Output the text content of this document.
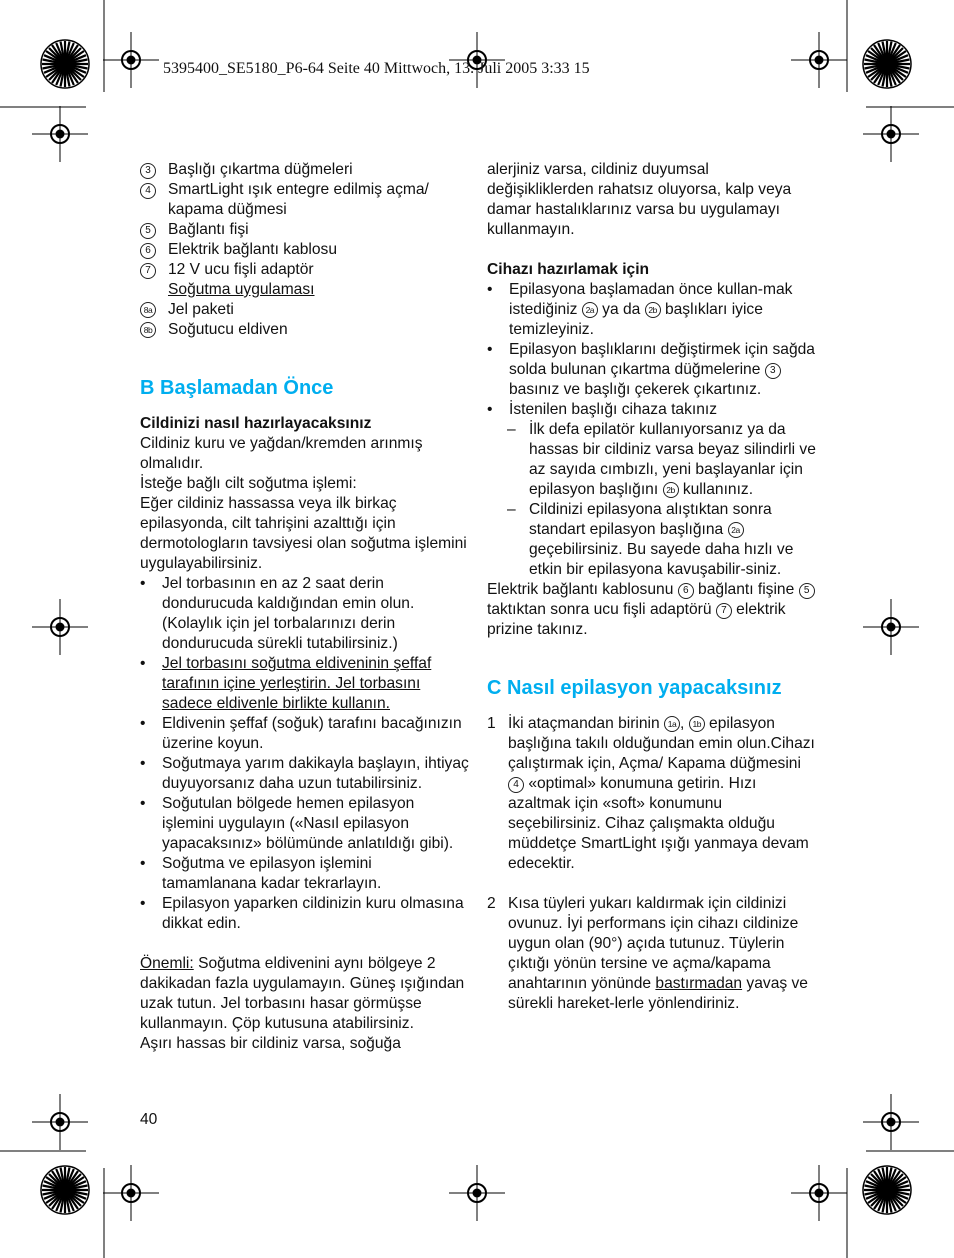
5395400_SE5180_P6-64 Seite 40 Mittwoch, 13. Juli 2005 3:33 15
3	Başlığı çıkartma düğmeleri
4	SmartLight ışık entegre edilmiş açma/ kapama düğmesi
5	Bağlantı fişi
6	Elektrik bağlantı kablosu
7	12 V ucu fişli adaptör
Soğutma uygulaması
8a	Jel paketi
8b	Soğutucu eldiven
B Başlamadan Önce
Cildinizi nasıl hazırlayacaksınız
Cildiniz kuru ve yağdan/kremden arınmış olmalıdır.
İsteğe bağlı cilt soğutma işlemi:
Eğer cildiniz hassassa veya ilk birkaç epilasyonda, cilt tahrişini azalttığı için dermotologların tavsiyesi olan soğutma işlemini uygulayabilirsiniz.
•	Jel torbasının en az 2 saat derin dondurucuda kaldığından emin olun. (Kolaylık için jel torbalarınızı derin dondurucuda sürekli tutabilirsiniz.)
•	Jel torbasını soğutma eldiveninin şeffaf tarafının içine yerleştirin. Jel torbasını sadece eldivenle birlikte kullanın.
•	Eldivenin şeffaf (soğuk) tarafını bacağınızın üzerine koyun.
•	Soğutmaya yarım dakikayla başlayın, ihtiyaç duyuyorsanız daha uzun tutabilirsiniz.
•	Soğutulan bölgede hemen epilasyon işlemini uygulayın («Nasıl epilasyon yapacaksınız» bölümünde anlatıldığı gibi).
•	Soğutma ve epilasyon işlemini tamamlanana kadar tekrarlayın.
•	Epilasyon yaparken cildinizin kuru olmasına dikkat edin.
Önemli: Soğutma eldivenini aynı bölgeye 2 dakikadan fazla uygulamayın. Güneş ışığından uzak tutun. Jel torbasını hasar görmüşse kullanmayın. Çöp kutusuna atabilirsiniz.
Aşırı hassas bir cildiniz varsa, soğuğa
alerjiniz varsa, cildiniz duyumsal değişikliklerden rahatsız oluyorsa, kalp veya damar hastalıklarınız varsa bu uygulamayı kullanmayın.
Cihazı hazırlamak için
•	Epilasyona başlamadan önce kullan-mak istediğiniz 2a ya da 2b başlıkları iyice temizleyiniz.
•	Epilasyon başlıklarını değiştirmek için sağda solda bulunan çıkartma düğmelerine 3 basınız ve başlığı çekerek çıkartınız.
•	İstenilen başlığı cihaza takınız
– İlk defa epilatör kullanıyorsanız ya da hassas bir cildiniz varsa beyaz silindirli ve az sayıda cımbızlı, yeni başlayanlar için epilasyon başlığını 2b kullanınız.
– Cildinizi epilasyona alıştıktan sonra standart epilasyon başlığına 2a geçebilirsiniz. Bu sayede daha hızlı ve etkin bir epilasyona kavuşabilir-siniz.
Elektrik bağlantı kablosunu 6 bağlantı fişine 5 taktıktan sonra ucu fişli adaptörü 7 elektrik prizine takınız.
C Nasıl epilasyon yapacaksınız
1 İki ataçmandan birinin 1a , 1b epilasyon başlığına takılı olduğundan emin olun.Cihazı çalıştırmak için, Açma/ Kapama düğmesini 4 «optimal» konumuna getirin. Hızı azaltmak için «soft» konumunu seçebilirsiniz. Cihaz çalışmakta olduğu müddetçe SmartLight ışığı yanmaya devam edecektir.
2 Kısa tüyleri yukarı kaldırmak için cildinizi ovunuz. İyi performans için cihazı cildinize uygun olan (90°) açıda tutunuz. Tüylerin çıktığı yönün tersine ve açma/kapama anahtarının yönünde bastırmadan yavaş ve sürekli hareket-lerle yönlendiriniz.
40
